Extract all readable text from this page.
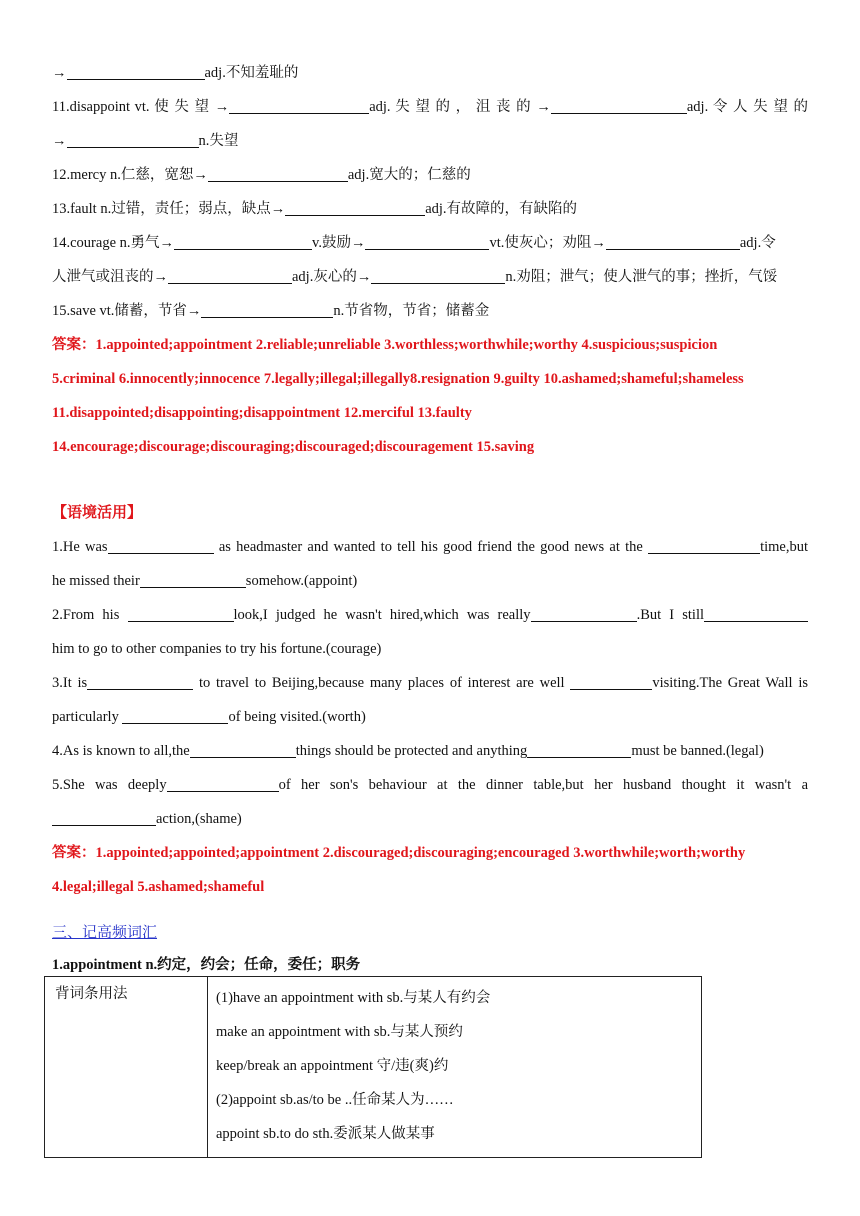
→	adj.不知羞耻的
11.disappoint vt. 使 失 望 →	adj. 失 望 的 ， 沮 丧 的 →	adj. 令 人 失 望 的
→	n.失望
12.mercy n.仁慈，宽恕→	adj.宽大的；仁慈的
13.fault n.过错，责任；弱点，缺点→	adj.有故障的，有缺陷的
14.courage n.勇气→	v.鼓励→	vt.使灰心；劝阻→	adj.令
人泄气或沮丧的→	adj.灰心的→	n.劝阻；泄气；使人泄气的事；挫折，气馁
15.save vt.储蓄，节省→	n.节省物，节省；储蓄金
答案：1.appointed;appointment 2.reliable;unreliable 3.worthless;worthwhile;worthy 4.suspicious;suspicion
5.criminal 6.innocently;innocence 7.legally;illegal;illegally8.resignation 9.guilty 10.ashamed;shameful;shameless
11.disappointed;disappointing;disappointment 12.merciful 13.faulty
14.encourage;discourage;discouraging;discouraged;discouragement 15.saving
【语境活用】
1.He was	as headmaster and wanted to tell his good friend the good news at the	time,but
he missed their	somehow.(appoint)
2.From his	look,I judged he wasn't hired,which was really	.But I still
him to go to other companies to try his fortune.(courage)
3.It is	to travel to Beijing,because many places of interest are well	visiting.The Great Wall is
particularly	of being visited.(worth)
4.As is known to all,the	things should be protected and anything	must be banned.(legal)
5.She was deeply	of her son's behaviour at the dinner table,but her husband thought it wasn't a
action,(shame)
答案：1.appointed;appointed;appointment 2.discouraged;discouraging;encouraged 3.worthwhile;worth;worthy
4.legal;illegal 5.ashamed;shameful
三、记高频词汇
1.appointment n.约定，约会；任命，委任；职务
背词条用法	(1)have an appointment with sb.与某人有约会
make an appointment with sb.与某人预约
keep/break an appointment 守/违(爽)约
(2)appoint sb.as/to be ..任命某人为……
appoint sb.to do sth.委派某人做某事
